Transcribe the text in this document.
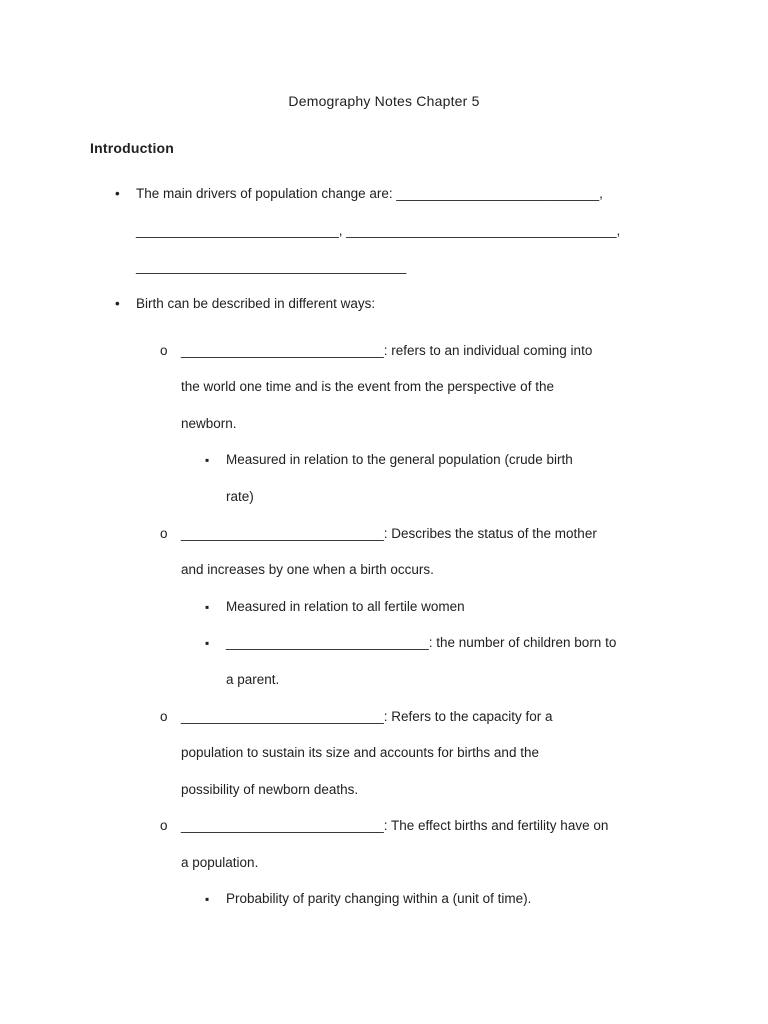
Demography Notes Chapter 5
Introduction
• The main drivers of population change are: ___________________________,
___________________________, ____________________________________,
____________________________________
• Birth can be described in different ways:
o ___________________________: refers to an individual coming into
the world one time and is the event from the perspective of the
newborn.
▪ Measured in relation to the general population (crude birth
rate)
o ___________________________: Describes the status of the mother
and increases by one when a birth occurs.
▪ Measured in relation to all fertile women
▪ ___________________________: the number of children born to
a parent.
o ___________________________: Refers to the capacity for a
population to sustain its size and accounts for births and the
possibility of newborn deaths.
o ___________________________: The effect births and fertility have on
a population.
▪ Probability of parity changing within a (unit of time).
